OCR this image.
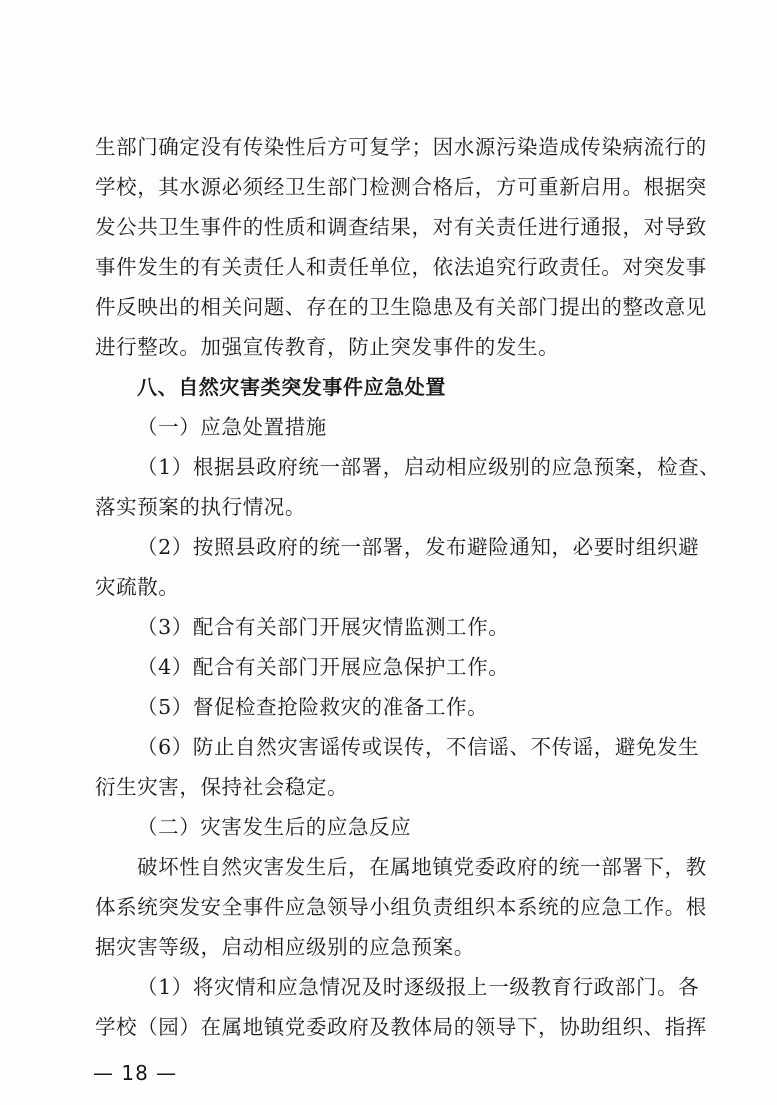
生部门确定没有传染性后方可复学；因水源污染造成传染病流行的
学校，其水源必须经卫生部门检测合格后，方可重新启用。根据突
发公共卫生事件的性质和调查结果，对有关责任进行通报，对导致
事件发生的有关责任人和责任单位，依法追究行政责任。对突发事
件反映出的相关问题、存在的卫生隐患及有关部门提出的整改意见
进行整改。加强宣传教育，防止突发事件的发生。
八、自然灾害类突发事件应急处置
（一）应急处置措施
（1）根据县政府统一部署，启动相应级别的应急预案，检查、
落实预案的执行情况。
（2）按照县政府的统一部署，发布避险通知，必要时组织避
灾疏散。
（3）配合有关部门开展灾情监测工作。
（4）配合有关部门开展应急保护工作。
（5）督促检查抢险救灾的准备工作。
（6）防止自然灾害谣传或误传，不信谣、不传谣，避免发生
衍生灾害，保持社会稳定。
（二）灾害发生后的应急反应
破坏性自然灾害发生后，在属地镇党委政府的统一部署下，教
体系统突发安全事件应急领导小组负责组织本系统的应急工作。根
据灾害等级，启动相应级别的应急预案。
（1）将灾情和应急情况及时逐级报上一级教育行政部门。各
学校（园）在属地镇党委政府及教体局的领导下，协助组织、指挥
— 18 —
